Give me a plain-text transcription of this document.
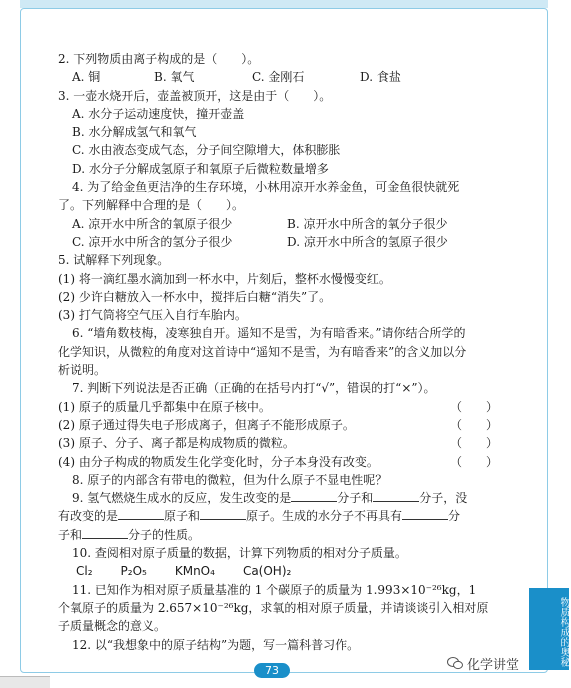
2. 下列物质由离子构成的是（　　）。
A. 铜	B. 氧气	C. 金刚石	D. 食盐
3. 一壶水烧开后，壶盖被顶开，这是由于（　　）。
A. 水分子运动速度快，撞开壶盖
B. 水分解成氢气和氧气
C. 水由液态变成气态，分子间空隙增大，体积膨胀
D. 水分子分解成氢原子和氧原子后微粒数量增多
4. 为了给金鱼更洁净的生存环境，小林用凉开水养金鱼，可金鱼很快就死
了。下列解释中合理的是（　　）。
A. 凉开水中所含的氧原子很少	B. 凉开水中所含的氧分子很少
C. 凉开水中所含的氢分子很少	D. 凉开水中所含的氢原子很少
5. 试解释下列现象。
(1) 将一滴红墨水滴加到一杯水中，片刻后，整杯水慢慢变红。
(2) 少许白糖放入一杯水中，搅拌后白糖“消失”了。
(3) 打气筒将空气压入自行车胎内。
6. “墙角数枝梅，凌寒独自开。遥知不是雪，为有暗香来。”请你结合所学的
化学知识，从微粒的角度对这首诗中“遥知不是雪，为有暗香来”的含义加以分
析说明。
7. 判断下列说法是否正确（正确的在括号内打“√”，错误的打“×”）。
(1) 原子的质量几乎都集中在原子核中。	（　　）
(2) 原子通过得失电子形成离子，但离子不能形成原子。	（　　）
(3) 原子、分子、离子都是构成物质的微粒。	（　　）
(4) 由分子构成的物质发生化学变化时，分子本身没有改变。	（　　）
8. 原子的内部含有带电的微粒，但为什么原子不显电性呢？
9. 氢气燃烧生成水的反应，发生改变的是	分子和	分子，没
有改变的是	原子和	原子。生成的水分子不再具有	分
子和	分子的性质。
10. 查阅相对原子质量的数据，计算下列物质的相对分子质量。
Cl₂ P₂O₅ KMnO₄ Ca(OH)₂
11. 已知作为相对原子质量基准的 1 个碳原子的质量为 1.993×10⁻²⁶kg，1
个氧原子的质量为 2.657×10⁻²⁶kg，求氧的相对原子质量，并请谈谈引入相对原
子质量概念的意义。
12. 以“我想象中的原子结构”为题，写一篇科普习作。	物质构成的奥秘
73	化学讲堂
